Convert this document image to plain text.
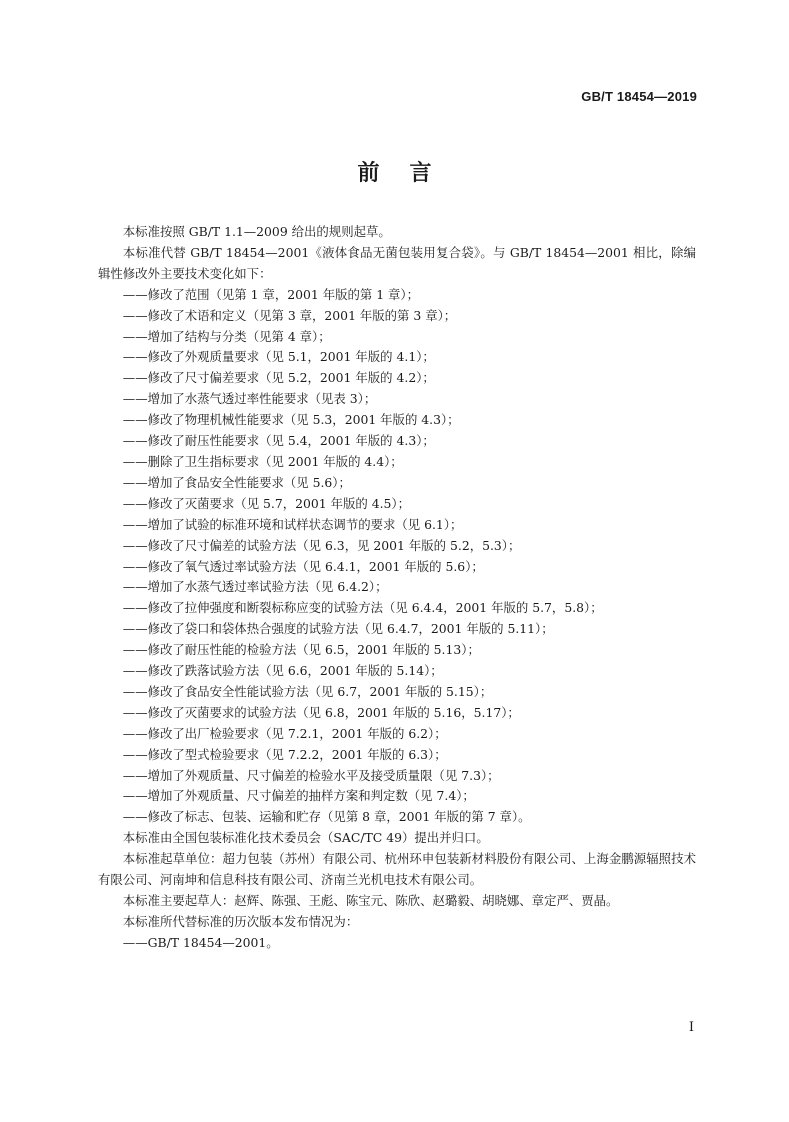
GB/T 18454—2019
前言

本标准按照 GB/T 1.1—2009 给出的规则起草。

本标准代替 GB/T 18454—2001《液体食品无菌包装用复合袋》。与 GB/T 18454—2001 相比，除编辑性修改外主要技术变化如下：

——修改了范围（见第 1 章，2001 年版的第 1 章）；

——修改了术语和定义（见第 3 章，2001 年版的第 3 章）；

——增加了结构与分类（见第 4 章）；

——修改了外观质量要求（见 5.1，2001 年版的 4.1）；

——修改了尺寸偏差要求（见 5.2，2001 年版的 4.2）；

——增加了水蒸气透过率性能要求（见表 3）；

——修改了物理机械性能要求（见 5.3，2001 年版的 4.3）；

——修改了耐压性能要求（见 5.4，2001 年版的 4.3）；

——删除了卫生指标要求（见 2001 年版的 4.4）；

——增加了食品安全性能要求（见 5.6）；

——修改了灭菌要求（见 5.7，2001 年版的 4.5）；

——增加了试验的标准环境和试样状态调节的要求（见 6.1）；

——修改了尺寸偏差的试验方法（见 6.3，见 2001 年版的 5.2，5.3）；

——修改了氧气透过率试验方法（见 6.4.1，2001 年版的 5.6）；

——增加了水蒸气透过率试验方法（见 6.4.2）；

——修改了拉伸强度和断裂标称应变的试验方法（见 6.4.4，2001 年版的 5.7，5.8）；

——修改了袋口和袋体热合强度的试验方法（见 6.4.7，2001 年版的 5.11）；

——修改了耐压性能的检验方法（见 6.5，2001 年版的 5.13）；

——修改了跌落试验方法（见 6.6，2001 年版的 5.14）；

——修改了食品安全性能试验方法（见 6.7，2001 年版的 5.15）；

——修改了灭菌要求的试验方法（见 6.8，2001 年版的 5.16，5.17）；

——修改了出厂检验要求（见 7.2.1，2001 年版的 6.2）；

——修改了型式检验要求（见 7.2.2，2001 年版的 6.3）；

——增加了外观质量、尺寸偏差的检验水平及接受质量限（见 7.3）；

——增加了外观质量、尺寸偏差的抽样方案和判定数（见 7.4）；

——修改了标志、包装、运输和贮存（见第 8 章，2001 年版的第 7 章）。

本标准由全国包装标准化技术委员会（SAC/TC 49）提出并归口。

本标准起草单位：超力包装（苏州）有限公司、杭州环申包装新材料股份有限公司、上海金鹏源辐照技术有限公司、河南坤和信息科技有限公司、济南兰光机电技术有限公司。

本标准主要起草人：赵辉、陈强、王彪、陈宝元、陈欣、赵璐毅、胡晓娜、章定严、贾晶。

本标准所代替标准的历次版本发布情况为：

——GB/T 18454—2001。

I
